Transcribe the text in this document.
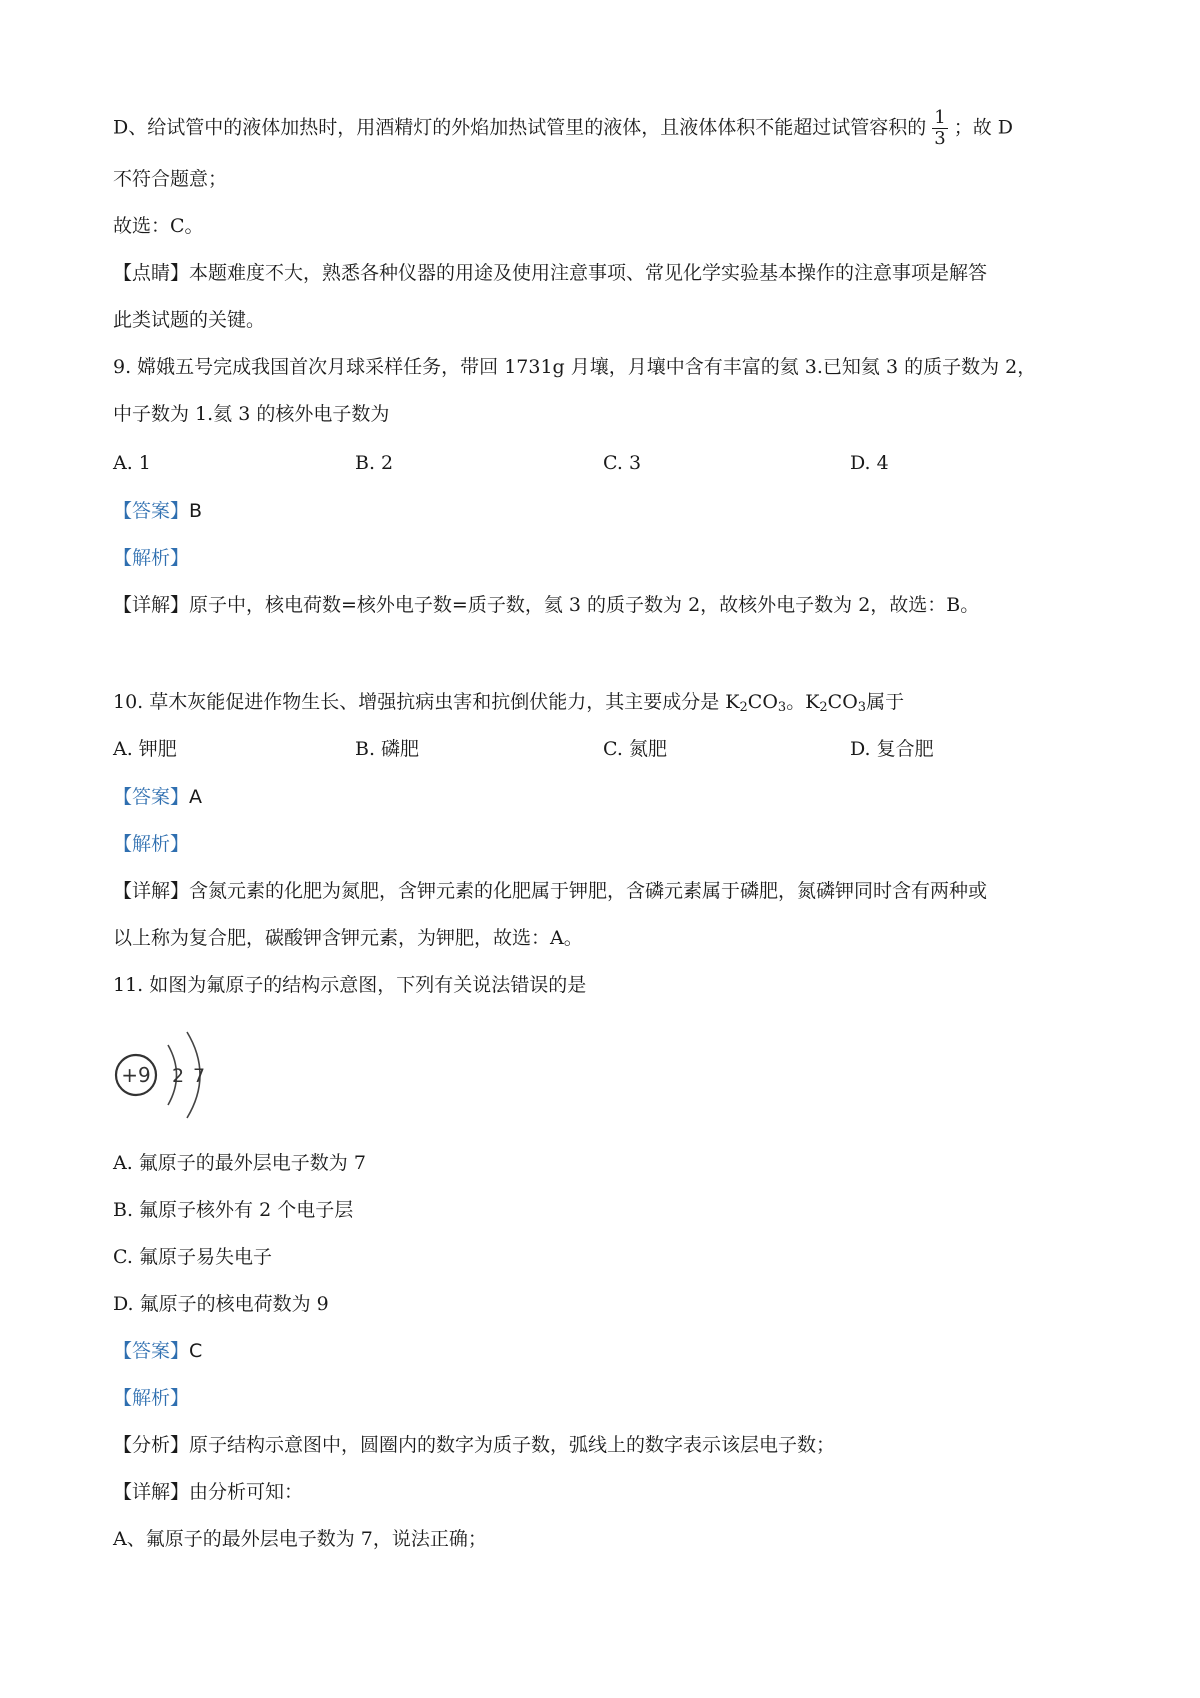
D、给试管中的液体加热时，用酒精灯的外焰加热试管里的液体，且液体体积不能超过试管容积的 $\frac{1}{3}$ ；故 D
不符合题意；
故选：C。
【点睛】本题难度不大，熟悉各种仪器的用途及使用注意事项、常见化学实验基本操作的注意事项是解答
此类试题的关键。
9. 嫦娥五号完成我国首次月球采样任务，带回 1731g 月壤，月壤中含有丰富的氦 3.已知氦 3 的质子数为 2，
中子数为 1.氦 3 的核外电子数为
A. 1	B. 2	C. 3	D. 4
【答案】B
【解析】
【详解】原子中，核电荷数=核外电子数=质子数，氦 3 的质子数为 2，故核外电子数为 2，故选：B。
10. 草木灰能促进作物生长、增强抗病虫害和抗倒伏能力，其主要成分是 $K_2CO_3$。$K_2CO_3$属于
A. 钾肥	B. 磷肥	C. 氮肥	D. 复合肥
【答案】A
【解析】
【详解】含氮元素的化肥为氮肥，含钾元素的化肥属于钾肥，含磷元素属于磷肥，氮磷钾同时含有两种或
以上称为复合肥，碳酸钾含钾元素，为钾肥，故选：A。
11. 如图为氟原子的结构示意图，下列有关说法错误的是
+9 2 7
A. 氟原子的最外层电子数为 7
B. 氟原子核外有 2 个电子层
C. 氟原子易失电子
D. 氟原子的核电荷数为 9
【答案】C
【解析】
【分析】原子结构示意图中，圆圈内的数字为质子数，弧线上的数字表示该层电子数；
【详解】由分析可知：
A、氟原子的最外层电子数为 7，说法正确；
